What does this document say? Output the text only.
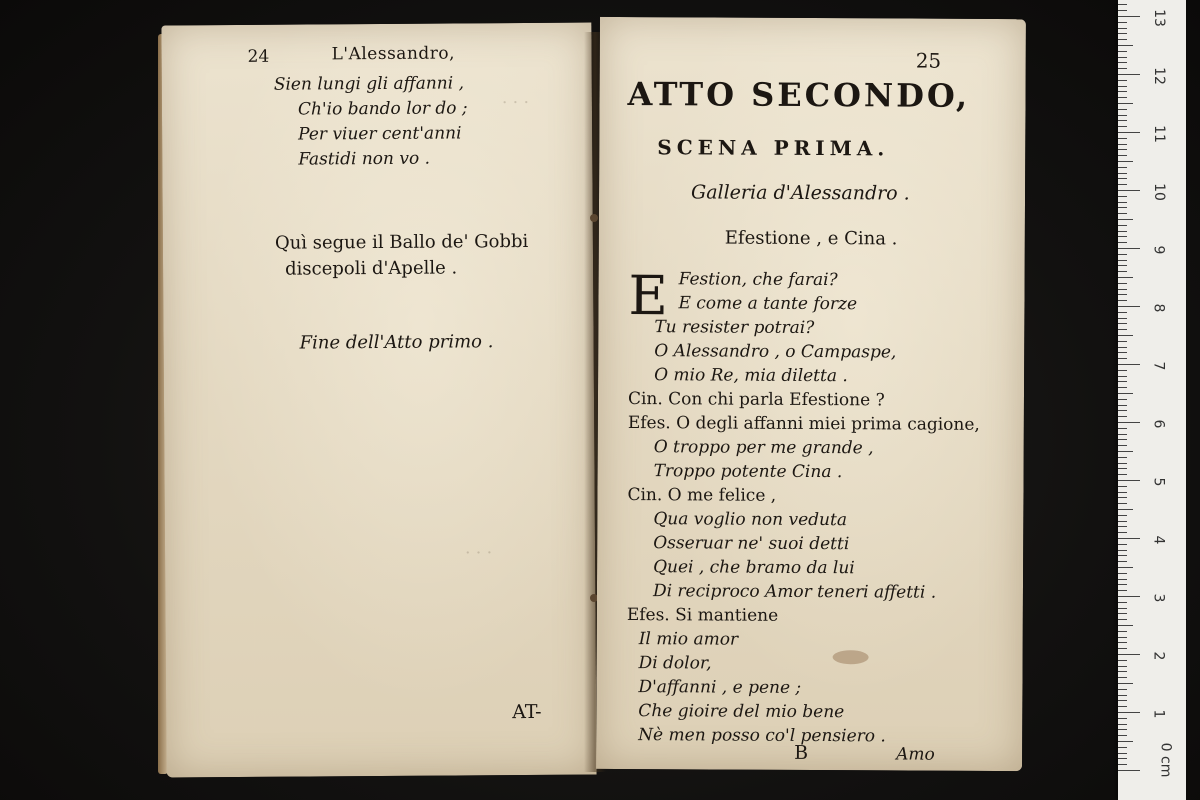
24	L'Alessandro,
Sien lungi gli affanni ,
Ch'io bando lor do ;
Per viuer cent'anni
Fastidi non vo .
Quì segue il Ballo de' Gobbi
discepoli d'Apelle .
Fine dell'Atto primo .
AT-
· · ·
· · ·
25
ATTO SECONDO,
SCENA PRIMA.
Galleria d'Alessandro .
Efestione , e Cina .
E Festion, che farai?
E come a tante forze
Tu resister potrai?
O Alessandro , o Campaspe,
O mio Re, mia diletta .
Cin. Con chi parla Efestione ?
Efes. O degli affanni miei prima cagione,
O troppo per me grande ,
Troppo potente Cina .
Cin. O me felice ,
Qua voglio non veduta
Osseruar ne' suoi detti
Quei , che bramo da lui
Di reciproco Amor teneri affetti .
Efes. Si mantiene
Il mio amor
Di dolor,
D'affanni , e pene ;
Che gioire del mio bene
Nè men posso co'l pensiero .
B	Amo	0 cm
1
2
3
4
5
6
7
8
9
10
11
12
13
